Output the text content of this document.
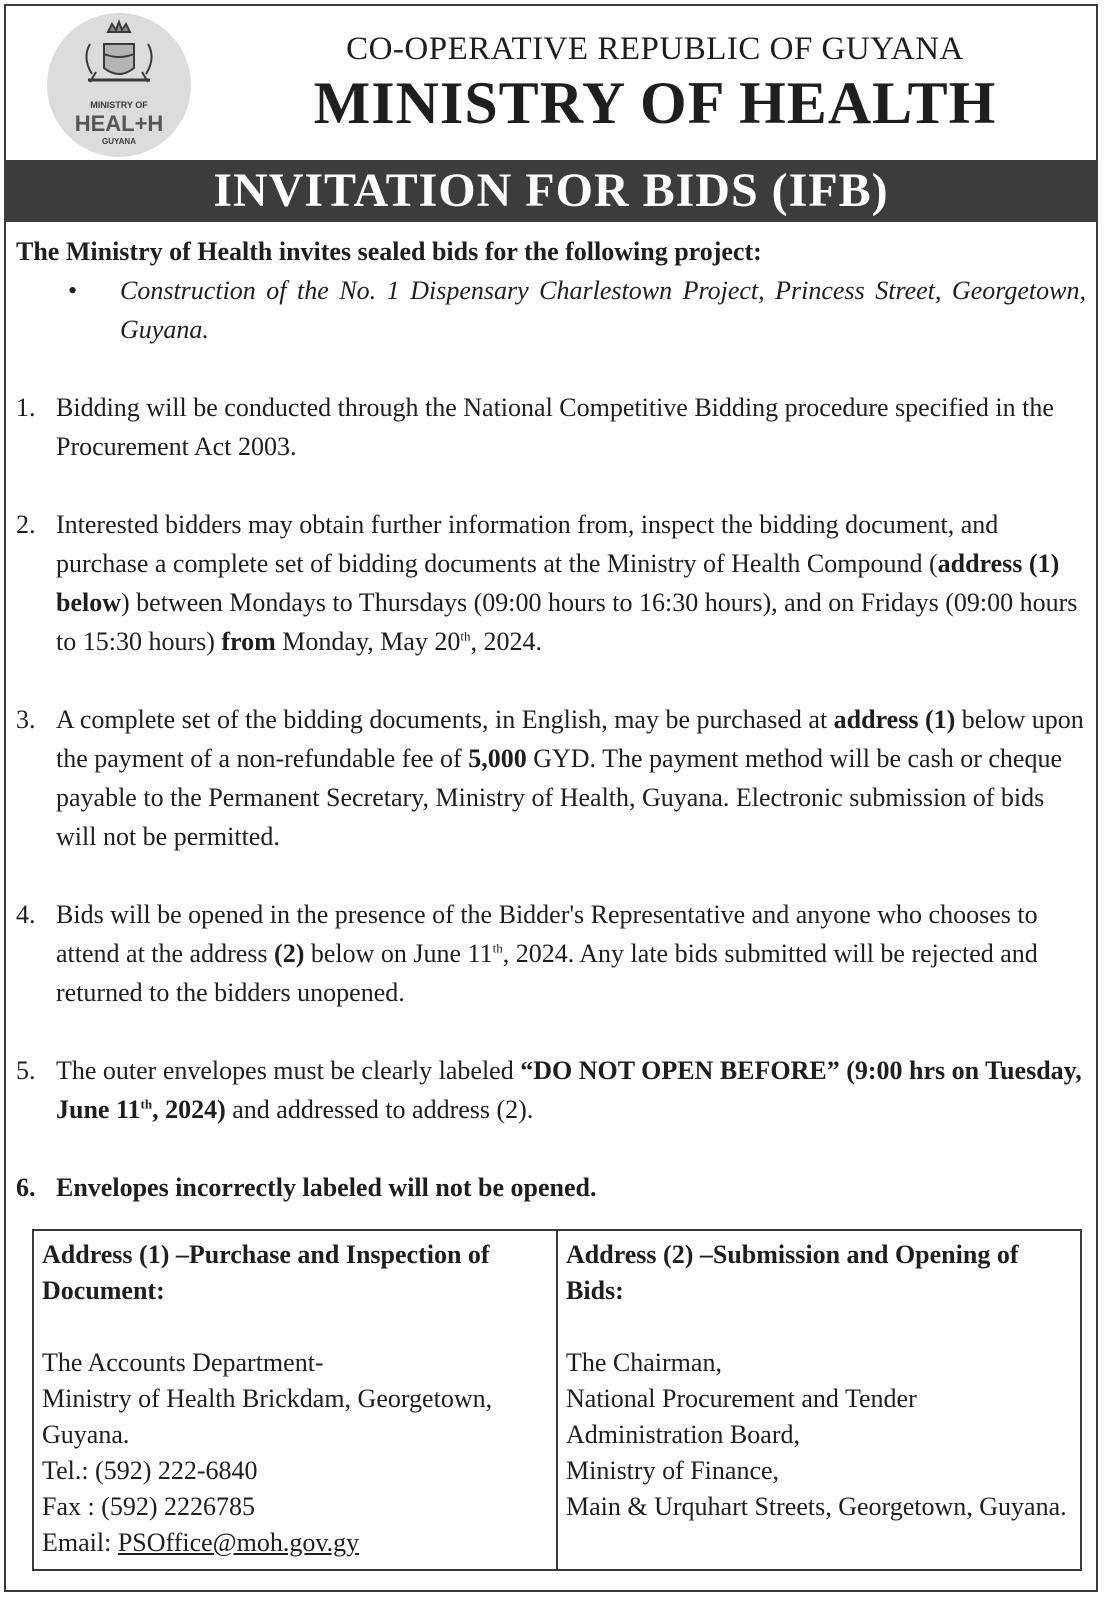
MINISTRY OF
HEAL+H
GUYANA
CO-OPERATIVE REPUBLIC OF GUYANA
MINISTRY OF HEALTH
INVITATION FOR BIDS (IFB)

The Ministry of Health invites sealed bids for the following project:

• Construction of the No. 1 Dispensary Charlestown Project, Princess Street, Georgetown, Guyana.

1. Bidding will be conducted through the National Competitive Bidding procedure specified in the Procurement Act 2003.

2. Interested bidders may obtain further information from, inspect the bidding document, and purchase a complete set of bidding documents at the Ministry of Health Compound (address (1) below) between Mondays to Thursdays (09:00 hours to 16:30 hours), and on Fridays (09:00 hours to 15:30 hours) from Monday, May 20th, 2024.

3. A complete set of the bidding documents, in English, may be purchased at address (1) below upon the payment of a non-refundable fee of 5,000 GYD. The payment method will be cash or cheque payable to the Permanent Secretary, Ministry of Health, Guyana. Electronic submission of bids will not be permitted.

4. Bids will be opened in the presence of the Bidder's Representative and anyone who chooses to attend at the address (2) below on June 11th, 2024. Any late bids submitted will be rejected and returned to the bidders unopened.

5. The outer envelopes must be clearly labeled “DO NOT OPEN BEFORE” (9:00 hrs on Tuesday, June 11th, 2024) and addressed to address (2).

6. Envelopes incorrectly labeled will not be opened.

Address (1) –Purchase and Inspection of Document:
The Accounts Department-
Ministry of Health Brickdam, Georgetown, Guyana.
Tel.: (592) 222-6840
Fax : (592) 2226785
Email: PSOffice@moh.gov.gy

Address (2) –Submission and Opening of Bids:
The Chairman,
National Procurement and Tender Administration Board,
Ministry of Finance,
Main & Urquhart Streets, Georgetown, Guyana.
